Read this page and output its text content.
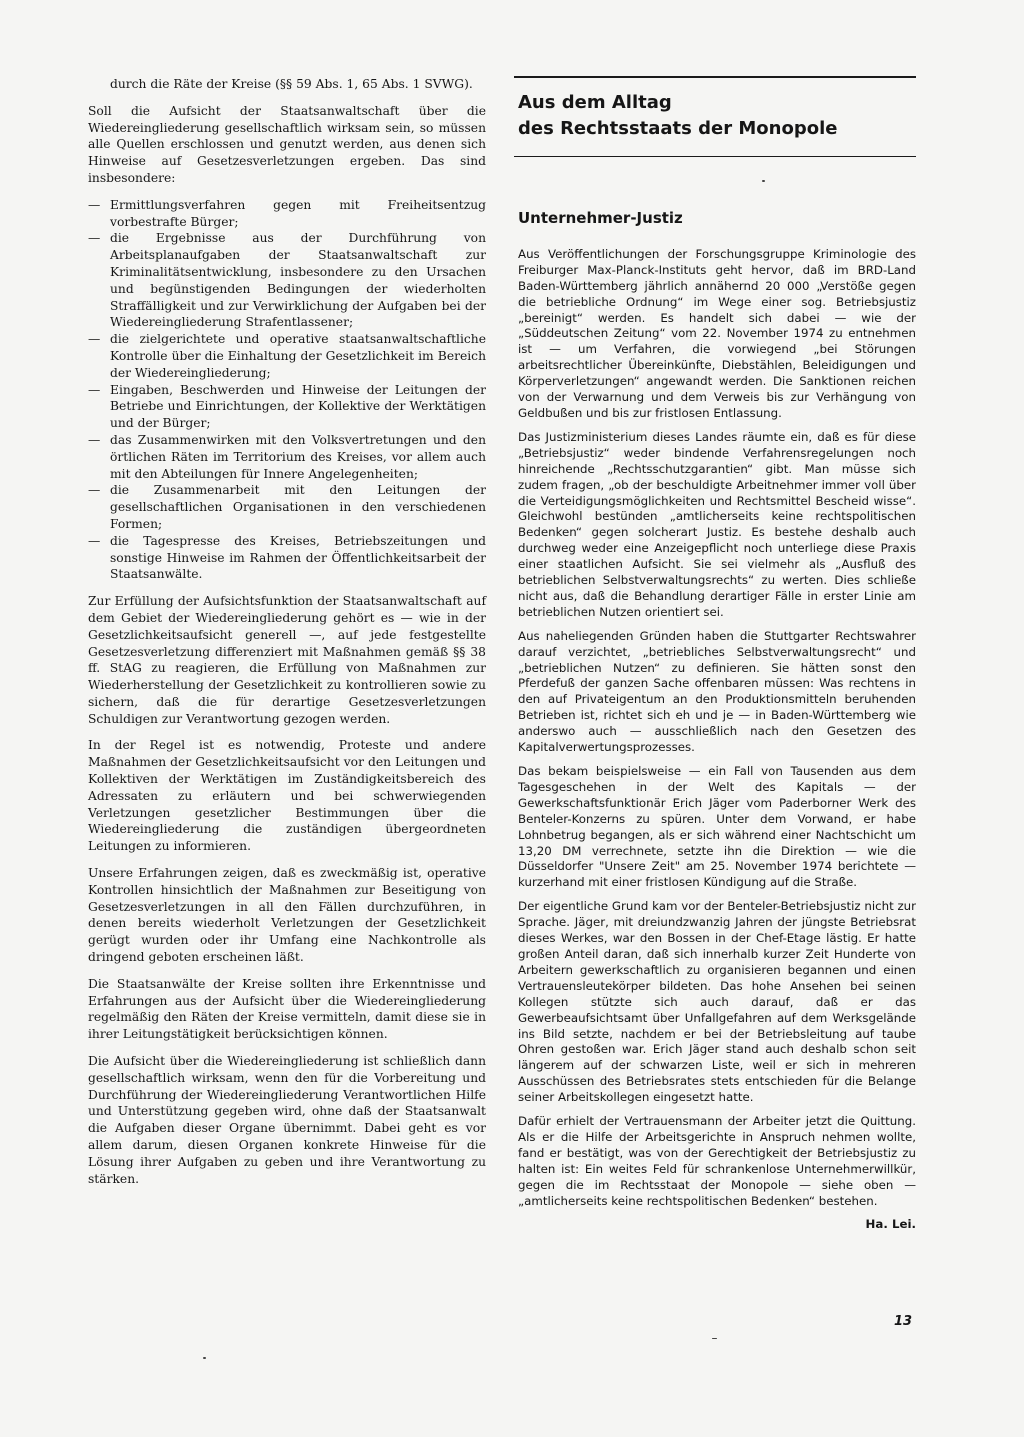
durch die Räte der Kreise (§§ 59 Abs. 1, 65 Abs. 1 SVWG).

Soll die Aufsicht der Staatsanwaltschaft über die Wiedereingliederung gesellschaftlich wirksam sein, so müssen alle Quellen erschlossen und genutzt werden, aus denen sich Hinweise auf Gesetzesverletzungen ergeben. Das sind insbesondere:

— Ermittlungsverfahren gegen mit Freiheitsentzug vorbestrafte Bürger;
— die Ergebnisse aus der Durchführung von Arbeitsplanaufgaben der Staatsanwaltschaft zur Kriminalitätsentwicklung, insbesondere zu den Ursachen und begünstigenden Bedingungen der wiederholten Straffälligkeit und zur Verwirklichung der Aufgaben bei der Wiedereingliederung Strafentlassener;
— die zielgerichtete und operative staatsanwaltschaftliche Kontrolle über die Einhaltung der Gesetzlichkeit im Bereich der Wiedereingliederung;
— Eingaben, Beschwerden und Hinweise der Leitungen der Betriebe und Einrichtungen, der Kollektive der Werktätigen und der Bürger;
— das Zusammenwirken mit den Volksvertretungen und den örtlichen Räten im Territorium des Kreises, vor allem auch mit den Abteilungen für Innere Angelegenheiten;
— die Zusammenarbeit mit den Leitungen der gesellschaftlichen Organisationen in den verschiedenen Formen;
— die Tagespresse des Kreises, Betriebszeitungen und sonstige Hinweise im Rahmen der Öffentlichkeitsarbeit der Staatsanwälte.

Zur Erfüllung der Aufsichtsfunktion der Staatsanwaltschaft auf dem Gebiet der Wiedereingliederung gehört es — wie in der Gesetzlichkeitsaufsicht generell —, auf jede festgestellte Gesetzesverletzung differenziert mit Maßnahmen gemäß §§ 38 ff. StAG zu reagieren, die Erfüllung von Maßnahmen zur Wiederherstellung der Gesetzlichkeit zu kontrollieren sowie zu sichern, daß die für derartige Gesetzesverletzungen Schuldigen zur Verantwortung gezogen werden.

In der Regel ist es notwendig, Proteste und andere Maßnahmen der Gesetzlichkeitsaufsicht vor den Leitungen und Kollektiven der Werktätigen im Zuständigkeitsbereich des Adressaten zu erläutern und bei schwerwiegenden Verletzungen gesetzlicher Bestimmungen über die Wiedereingliederung die zuständigen übergeordneten Leitungen zu informieren.

Unsere Erfahrungen zeigen, daß es zweckmäßig ist, operative Kontrollen hinsichtlich der Maßnahmen zur Beseitigung von Gesetzesverletzungen in all den Fällen durchzuführen, in denen bereits wiederholt Verletzungen der Gesetzlichkeit gerügt wurden oder ihr Umfang eine Nachkontrolle als dringend geboten erscheinen läßt.

Die Staatsanwälte der Kreise sollten ihre Erkenntnisse und Erfahrungen aus der Aufsicht über die Wiedereingliederung regelmäßig den Räten der Kreise vermitteln, damit diese sie in ihrer Leitungstätigkeit berücksichtigen können.

Die Aufsicht über die Wiedereingliederung ist schließlich dann gesellschaftlich wirksam, wenn den für die Vorbereitung und Durchführung der Wiedereingliederung Verantwortlichen Hilfe und Unterstützung gegeben wird, ohne daß der Staatsanwalt die Aufgaben dieser Organe übernimmt. Dabei geht es vor allem darum, diesen Organen konkrete Hinweise für die Lösung ihrer Aufgaben zu geben und ihre Verantwortung zu stärken.

Aus dem Alltag
des Rechtsstaats der Monopole
Unternehmer-Justiz

Aus Veröffentlichungen der Forschungsgruppe Kriminologie des Freiburger Max-Planck-Instituts geht hervor, daß im BRD-Land Baden-Württemberg jährlich annähernd 20 000 „Verstöße gegen die betriebliche Ordnung“ im Wege einer sog. Betriebsjustiz „bereinigt“ werden. Es handelt sich dabei — wie der „Süddeutschen Zeitung“ vom 22. November 1974 zu entnehmen ist — um Verfahren, die vorwiegend „bei Störungen arbeitsrechtlicher Übereinkünfte, Diebstählen, Beleidigungen und Körperverletzungen“ angewandt werden. Die Sanktionen reichen von der Verwarnung und dem Verweis bis zur Verhängung von Geldbußen und bis zur fristlosen Entlassung.

Das Justizministerium dieses Landes räumte ein, daß es für diese „Betriebsjustiz“ weder bindende Verfahrensregelungen noch hinreichende „Rechtsschutzgarantien“ gibt. Man müsse sich zudem fragen, „ob der beschuldigte Arbeitnehmer immer voll über die Verteidigungsmöglichkeiten und Rechtsmittel Bescheid wisse“. Gleichwohl bestünden „amtlicherseits keine rechtspolitischen Bedenken“ gegen solcherart Justiz. Es bestehe deshalb auch durchweg weder eine Anzeigepflicht noch unterliege diese Praxis einer staatlichen Aufsicht. Sie sei vielmehr als „Ausfluß des betrieblichen Selbstverwaltungsrechts“ zu werten. Dies schließe nicht aus, daß die Behandlung derartiger Fälle in erster Linie am betrieblichen Nutzen orientiert sei.

Aus naheliegenden Gründen haben die Stuttgarter Rechtswahrer darauf verzichtet, „betriebliches Selbstverwaltungsrecht“ und „betrieblichen Nutzen“ zu definieren. Sie hätten sonst den Pferdefuß der ganzen Sache offenbaren müssen: Was rechtens in den auf Privateigentum an den Produktionsmitteln beruhenden Betrieben ist, richtet sich eh und je — in Baden-Württemberg wie anderswo auch — ausschließlich nach den Gesetzen des Kapitalverwertungsprozesses.

Das bekam beispielsweise — ein Fall von Tausenden aus dem Tagesgeschehen in der Welt des Kapitals — der Gewerkschaftsfunktionär Erich Jäger vom Paderborner Werk des Benteler-Konzerns zu spüren. Unter dem Vorwand, er habe Lohnbetrug begangen, als er sich während einer Nachtschicht um 13,20 DM verrechnete, setzte ihn die Direktion — wie die Düsseldorfer "Unsere Zeit" am 25. November 1974 berichtete — kurzerhand mit einer fristlosen Kündigung auf die Straße.

Der eigentliche Grund kam vor der Benteler-Betriebsjustiz nicht zur Sprache. Jäger, mit dreiundzwanzig Jahren der jüngste Betriebsrat dieses Werkes, war den Bossen in der Chef-Etage lästig. Er hatte großen Anteil daran, daß sich innerhalb kurzer Zeit Hunderte von Arbeitern gewerkschaftlich zu organisieren begannen und einen Vertrauensleutekörper bildeten. Das hohe Ansehen bei seinen Kollegen stützte sich auch darauf, daß er das Gewerbeaufsichtsamt über Unfallgefahren auf dem Werksgelände ins Bild setzte, nachdem er bei der Betriebsleitung auf taube Ohren gestoßen war. Erich Jäger stand auch deshalb schon seit längerem auf der schwarzen Liste, weil er sich in mehreren Ausschüssen des Betriebsrates stets entschieden für die Belange seiner Arbeitskollegen eingesetzt hatte.

Dafür erhielt der Vertrauensmann der Arbeiter jetzt die Quittung. Als er die Hilfe der Arbeitsgerichte in Anspruch nehmen wollte, fand er bestätigt, was von der Gerechtigkeit der Betriebsjustiz zu halten ist: Ein weites Feld für schrankenlose Unternehmerwillkür, gegen die im Rechtsstaat der Monopole — siehe oben — „amtlicherseits keine rechtspolitischen Bedenken“ bestehen.

Ha. Lei.
13
